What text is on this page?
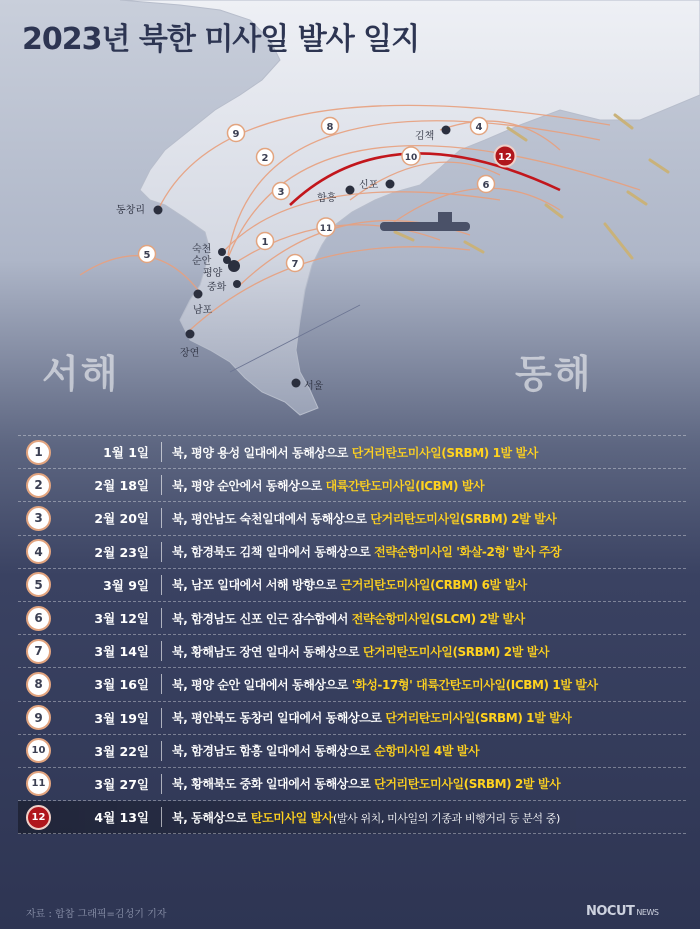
1
2
3
4
5
6
7
8
9
10
11
12
2023년 북한 미사일 발사 일지
서해	동해
김책
함흥
신포
동창리
숙천
순안
평양
중화
남포
장연
서울
1	1월 1일	북, 평양 용성 일대에서 동해상으로 단거리탄도미사일(SRBM) 1발 발사
2	2월 18일	북, 평양 순안에서 동해상으로 대륙간탄도미사일(ICBM) 발사
3	2월 20일	북, 평안남도 숙천일대에서 동해상으로 단거리탄도미사일(SRBM) 2발 발사
4	2월 23일	북, 함경북도 김책 일대에서 동해상으로 전략순항미사일 '화살-2형' 발사 주장
5	3월 9일	북, 남포 일대에서 서해 방향으로 근거리탄도미사일(CRBM) 6발 발사
6	3월 12일	북, 함경남도 신포 인근 잠수함에서 전략순항미사일(SLCM) 2발 발사
7	3월 14일	북, 황해남도 장연 일대서 동해상으로 단거리탄도미사일(SRBM) 2발 발사
8	3월 16일	북, 평양 순안 일대에서 동해상으로 '화성-17형' 대륙간탄도미사일(ICBM) 1발 발사
9	3월 19일	북, 평안북도 동창리 일대에서 동해상으로 단거리탄도미사일(SRBM) 1발 발사
10	3월 22일	북, 함경남도 함흥 일대에서 동해상으로 순항미사일 4발 발사
11	3월 27일	북, 황해북도 중화 일대에서 동해상으로 단거리탄도미사일(SRBM) 2발 발사
12	4월 13일	북, 동해상으로 탄도미사일 발사(발사 위치, 미사일의 기종과 비행거리 등 분석 중)
자료 : 합참 그래픽=김성기 기자	NOCUT NEWS
